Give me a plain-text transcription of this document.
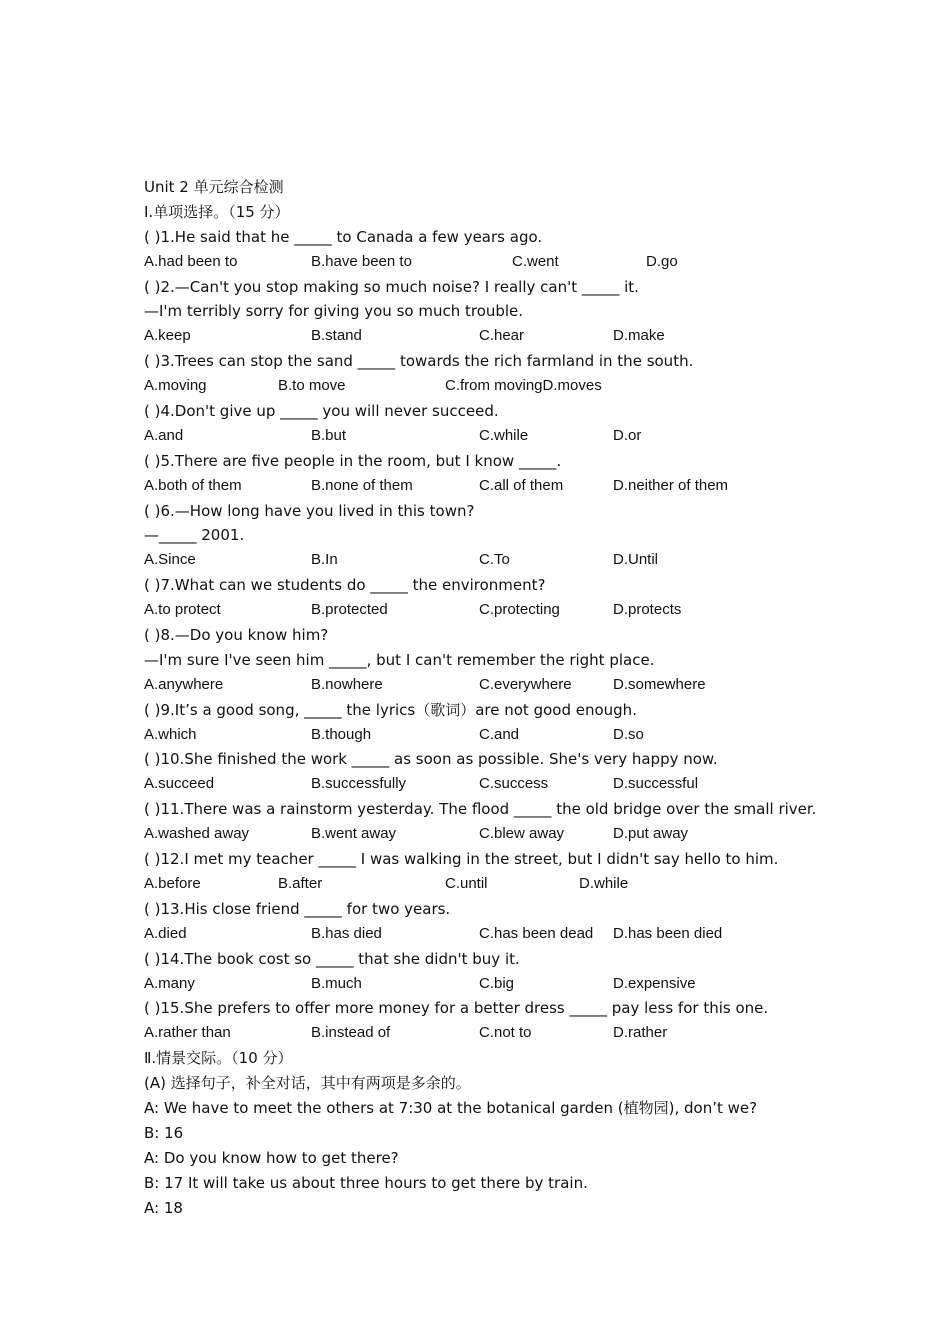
Unit 2 单元综合检测
Ⅰ.单项选择。（15 分）
( )1.He said that he _____ to Canada a few years ago.
A.had been to	B.have been to	C.went	D.go
( )2.—Can't you stop making so much noise? I really can't _____ it.
—I'm terribly sorry for giving you so much trouble.
A.keep	B.stand	C.hear	D.make
( )3.Trees can stop the sand _____ towards the rich farmland in the south.
A.moving	B.to move	C.from movingD.moves
( )4.Don't give up _____ you will never succeed.
A.and	B.but	C.while	D.or
( )5.There are five people in the room, but I know _____.
A.both of them	B.none of them	C.all of them	D.neither of them
( )6.—How long have you lived in this town?
—_____ 2001.
A.Since	B.In	C.To	D.Until
( )7.What can we students do _____ the environment?
A.to protect	B.protected	C.protecting	D.protects
( )8.—Do you know him?
—I'm sure I've seen him _____, but I can't remember the right place.
A.anywhere	B.nowhere	C.everywhere	D.somewhere
( )9.It’s a good song, _____ the lyrics（歌词）are not good enough.
A.which	B.though	C.and	D.so
( )10.She finished the work _____ as soon as possible. She's very happy now.
A.succeed	B.successfully	C.success	D.successful
( )11.There was a rainstorm yesterday. The flood _____ the old bridge over the small river.
A.washed away	B.went away	C.blew away	D.put away
( )12.I met my teacher _____ I was walking in the street, but I didn't say hello to him.
A.before	B.after	C.until	D.while
( )13.His close friend _____ for two years.
A.died	B.has died	C.has been dead D.has been died
( )14.The book cost so _____ that she didn't buy it.
A.many	B.much	C.big	D.expensive
( )15.She prefers to offer more money for a better dress _____ pay less for this one.
A.rather than	B.instead of	C.not to	D.rather
Ⅱ.情景交际。（10 分）
(A) 选择句子，补全对话，其中有两项是多余的。
A: We have to meet the others at 7:30 at the botanical garden (植物园), don’t we?
B: 16
A: Do you know how to get there?
B: 17 It will take us about three hours to get there by train.
A: 18
